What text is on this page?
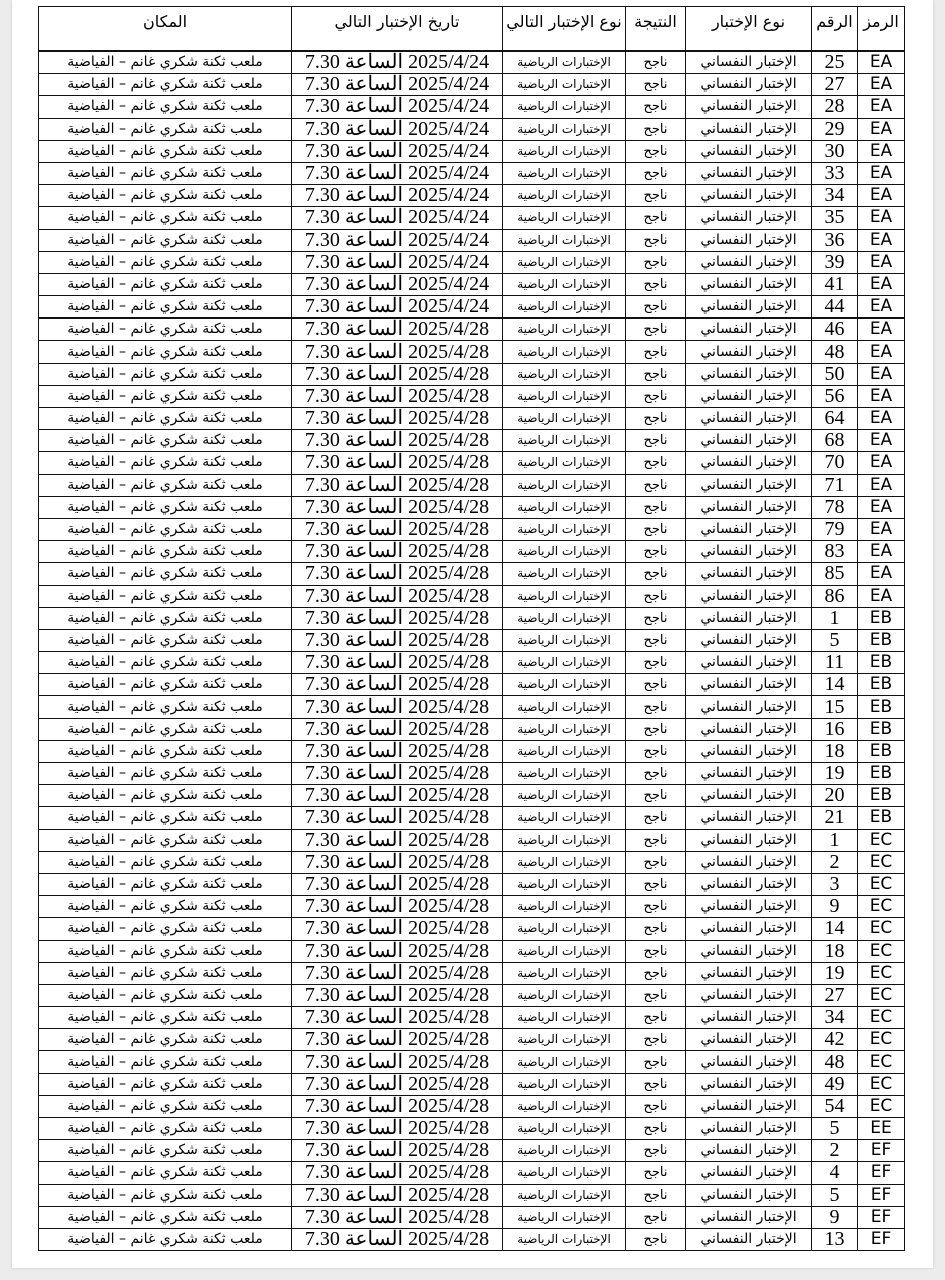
الرمز	الرقم	نوع الإختبار	النتيجة	نوع الإختبار التالي	تاريخ الإختبار التالي	المكان
EA	25	الإختبار النفساني	ناجح	الإختبارات الرياضية	2025/4/24 الساعة 7.30	ملعب ثكنة شكري غانم – الفياضية
EA	27	الإختبار النفساني	ناجح	الإختبارات الرياضية	2025/4/24 الساعة 7.30	ملعب ثكنة شكري غانم – الفياضية
EA	28	الإختبار النفساني	ناجح	الإختبارات الرياضية	2025/4/24 الساعة 7.30	ملعب ثكنة شكري غانم – الفياضية
EA	29	الإختبار النفساني	ناجح	الإختبارات الرياضية	2025/4/24 الساعة 7.30	ملعب ثكنة شكري غانم – الفياضية
EA	30	الإختبار النفساني	ناجح	الإختبارات الرياضية	2025/4/24 الساعة 7.30	ملعب ثكنة شكري غانم – الفياضية
EA	33	الإختبار النفساني	ناجح	الإختبارات الرياضية	2025/4/24 الساعة 7.30	ملعب ثكنة شكري غانم – الفياضية
EA	34	الإختبار النفساني	ناجح	الإختبارات الرياضية	2025/4/24 الساعة 7.30	ملعب ثكنة شكري غانم – الفياضية
EA	35	الإختبار النفساني	ناجح	الإختبارات الرياضية	2025/4/24 الساعة 7.30	ملعب ثكنة شكري غانم – الفياضية
EA	36	الإختبار النفساني	ناجح	الإختبارات الرياضية	2025/4/24 الساعة 7.30	ملعب ثكنة شكري غانم – الفياضية
EA	39	الإختبار النفساني	ناجح	الإختبارات الرياضية	2025/4/24 الساعة 7.30	ملعب ثكنة شكري غانم – الفياضية
EA	41	الإختبار النفساني	ناجح	الإختبارات الرياضية	2025/4/24 الساعة 7.30	ملعب ثكنة شكري غانم – الفياضية
EA	44	الإختبار النفساني	ناجح	الإختبارات الرياضية	2025/4/24 الساعة 7.30	ملعب ثكنة شكري غانم – الفياضية
EA	46	الإختبار النفساني	ناجح	الإختبارات الرياضية	2025/4/28 الساعة 7.30	ملعب ثكنة شكري غانم – الفياضية
EA	48	الإختبار النفساني	ناجح	الإختبارات الرياضية	2025/4/28 الساعة 7.30	ملعب ثكنة شكري غانم – الفياضية
EA	50	الإختبار النفساني	ناجح	الإختبارات الرياضية	2025/4/28 الساعة 7.30	ملعب ثكنة شكري غانم – الفياضية
EA	56	الإختبار النفساني	ناجح	الإختبارات الرياضية	2025/4/28 الساعة 7.30	ملعب ثكنة شكري غانم – الفياضية
EA	64	الإختبار النفساني	ناجح	الإختبارات الرياضية	2025/4/28 الساعة 7.30	ملعب ثكنة شكري غانم – الفياضية
EA	68	الإختبار النفساني	ناجح	الإختبارات الرياضية	2025/4/28 الساعة 7.30	ملعب ثكنة شكري غانم – الفياضية
EA	70	الإختبار النفساني	ناجح	الإختبارات الرياضية	2025/4/28 الساعة 7.30	ملعب ثكنة شكري غانم – الفياضية
EA	71	الإختبار النفساني	ناجح	الإختبارات الرياضية	2025/4/28 الساعة 7.30	ملعب ثكنة شكري غانم – الفياضية
EA	78	الإختبار النفساني	ناجح	الإختبارات الرياضية	2025/4/28 الساعة 7.30	ملعب ثكنة شكري غانم – الفياضية
EA	79	الإختبار النفساني	ناجح	الإختبارات الرياضية	2025/4/28 الساعة 7.30	ملعب ثكنة شكري غانم – الفياضية
EA	83	الإختبار النفساني	ناجح	الإختبارات الرياضية	2025/4/28 الساعة 7.30	ملعب ثكنة شكري غانم – الفياضية
EA	85	الإختبار النفساني	ناجح	الإختبارات الرياضية	2025/4/28 الساعة 7.30	ملعب ثكنة شكري غانم – الفياضية
EA	86	الإختبار النفساني	ناجح	الإختبارات الرياضية	2025/4/28 الساعة 7.30	ملعب ثكنة شكري غانم – الفياضية
EB	1	الإختبار النفساني	ناجح	الإختبارات الرياضية	2025/4/28 الساعة 7.30	ملعب ثكنة شكري غانم – الفياضية
EB	5	الإختبار النفساني	ناجح	الإختبارات الرياضية	2025/4/28 الساعة 7.30	ملعب ثكنة شكري غانم – الفياضية
EB	11	الإختبار النفساني	ناجح	الإختبارات الرياضية	2025/4/28 الساعة 7.30	ملعب ثكنة شكري غانم – الفياضية
EB	14	الإختبار النفساني	ناجح	الإختبارات الرياضية	2025/4/28 الساعة 7.30	ملعب ثكنة شكري غانم – الفياضية
EB	15	الإختبار النفساني	ناجح	الإختبارات الرياضية	2025/4/28 الساعة 7.30	ملعب ثكنة شكري غانم – الفياضية
EB	16	الإختبار النفساني	ناجح	الإختبارات الرياضية	2025/4/28 الساعة 7.30	ملعب ثكنة شكري غانم – الفياضية
EB	18	الإختبار النفساني	ناجح	الإختبارات الرياضية	2025/4/28 الساعة 7.30	ملعب ثكنة شكري غانم – الفياضية
EB	19	الإختبار النفساني	ناجح	الإختبارات الرياضية	2025/4/28 الساعة 7.30	ملعب ثكنة شكري غانم – الفياضية
EB	20	الإختبار النفساني	ناجح	الإختبارات الرياضية	2025/4/28 الساعة 7.30	ملعب ثكنة شكري غانم – الفياضية
EB	21	الإختبار النفساني	ناجح	الإختبارات الرياضية	2025/4/28 الساعة 7.30	ملعب ثكنة شكري غانم – الفياضية
EC	1	الإختبار النفساني	ناجح	الإختبارات الرياضية	2025/4/28 الساعة 7.30	ملعب ثكنة شكري غانم – الفياضية
EC	2	الإختبار النفساني	ناجح	الإختبارات الرياضية	2025/4/28 الساعة 7.30	ملعب ثكنة شكري غانم – الفياضية
EC	3	الإختبار النفساني	ناجح	الإختبارات الرياضية	2025/4/28 الساعة 7.30	ملعب ثكنة شكري غانم – الفياضية
EC	9	الإختبار النفساني	ناجح	الإختبارات الرياضية	2025/4/28 الساعة 7.30	ملعب ثكنة شكري غانم – الفياضية
EC	14	الإختبار النفساني	ناجح	الإختبارات الرياضية	2025/4/28 الساعة 7.30	ملعب ثكنة شكري غانم – الفياضية
EC	18	الإختبار النفساني	ناجح	الإختبارات الرياضية	2025/4/28 الساعة 7.30	ملعب ثكنة شكري غانم – الفياضية
EC	19	الإختبار النفساني	ناجح	الإختبارات الرياضية	2025/4/28 الساعة 7.30	ملعب ثكنة شكري غانم – الفياضية
EC	27	الإختبار النفساني	ناجح	الإختبارات الرياضية	2025/4/28 الساعة 7.30	ملعب ثكنة شكري غانم – الفياضية
EC	34	الإختبار النفساني	ناجح	الإختبارات الرياضية	2025/4/28 الساعة 7.30	ملعب ثكنة شكري غانم – الفياضية
EC	42	الإختبار النفساني	ناجح	الإختبارات الرياضية	2025/4/28 الساعة 7.30	ملعب ثكنة شكري غانم – الفياضية
EC	48	الإختبار النفساني	ناجح	الإختبارات الرياضية	2025/4/28 الساعة 7.30	ملعب ثكنة شكري غانم – الفياضية
EC	49	الإختبار النفساني	ناجح	الإختبارات الرياضية	2025/4/28 الساعة 7.30	ملعب ثكنة شكري غانم – الفياضية
EC	54	الإختبار النفساني	ناجح	الإختبارات الرياضية	2025/4/28 الساعة 7.30	ملعب ثكنة شكري غانم – الفياضية
EE	5	الإختبار النفساني	ناجح	الإختبارات الرياضية	2025/4/28 الساعة 7.30	ملعب ثكنة شكري غانم – الفياضية
EF	2	الإختبار النفساني	ناجح	الإختبارات الرياضية	2025/4/28 الساعة 7.30	ملعب ثكنة شكري غانم – الفياضية
EF	4	الإختبار النفساني	ناجح	الإختبارات الرياضية	2025/4/28 الساعة 7.30	ملعب ثكنة شكري غانم – الفياضية
EF	5	الإختبار النفساني	ناجح	الإختبارات الرياضية	2025/4/28 الساعة 7.30	ملعب ثكنة شكري غانم – الفياضية
EF	9	الإختبار النفساني	ناجح	الإختبارات الرياضية	2025/4/28 الساعة 7.30	ملعب ثكنة شكري غانم – الفياضية
EF	13	الإختبار النفساني	ناجح	الإختبارات الرياضية	2025/4/28 الساعة 7.30	ملعب ثكنة شكري غانم – الفياضية
